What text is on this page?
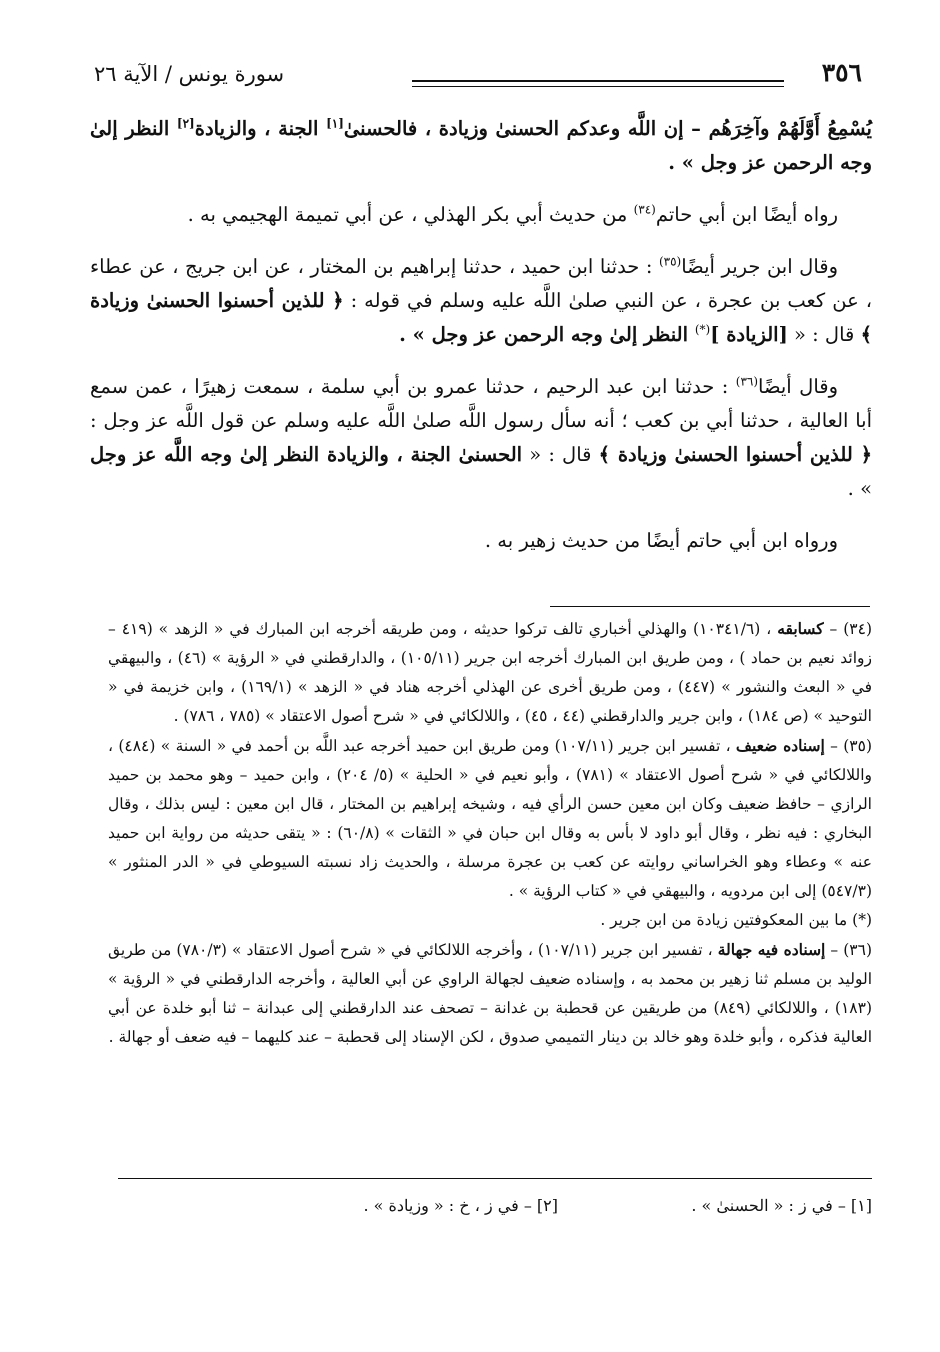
٣٥٦
سورة يونس / الآية ٢٦

يُسْمِعُ أَوَّلَهُمْ وآخِرَهُم – إن اللَّه وعدكم الحسنىٰ وزيادة ، فالحسنىٰ[١] الجنة ، والزيادة[٢] النظر إلىٰ وجه الرحمن عز وجل » .

رواه أيضًا ابن أبي حاتم$^{(٣٤)}$ من حديث أبي بكر الهذلي ، عن أبي تميمة الهجيمي به .

وقال ابن جرير أيضًا$^{(٣٥)}$ : حدثنا ابن حميد ، حدثنا إبراهيم بن المختار ، عن ابن جريج ، عن عطاء ، عن كعب بن عجرة ، عن النبي صلىٰ اللَّه عليه وسلم في قوله : ﴿ للذين أحسنوا الحسنىٰ وزيادة ﴾ قال : « [الزيادة ](*) النظر إلىٰ وجه الرحمن عز وجل » .

وقال أيضًا$^{(٣٦)}$ : حدثنا ابن عبد الرحيم ، حدثنا عمرو بن أبي سلمة ، سمعت زهيرًا ، عمن سمع أبا العالية ، حدثنا أبي بن كعب ؛ أنه سأل رسول اللَّه صلىٰ اللَّه عليه وسلم عن قول اللَّه عز وجل : ﴿ للذين أحسنوا الحسنىٰ وزيادة ﴾ قال : « الحسنىٰ الجنة ، والزيادة النظر إلىٰ وجه اللَّه عز وجل » .

ورواه ابن أبي حاتم أيضًا من حديث زهير به .

(٣٤) – كسابقه ، (١٠٣٤١/٦) والهذلي أخباري تالف تركوا حديثه ، ومن طريقه أخرجه ابن المبارك في « الزهد » (٤١٩ – زوائد نعيم بن حماد ) ، ومن طريق ابن المبارك أخرجه ابن جرير (١٠٥/١١) ، والدارقطني في « الرؤية » (٤٦) ، والبيهقي في « البعث والنشور » (٤٤٧) ، ومن طريق أخرى عن الهذلي أخرجه هناد في « الزهد » (١٦٩/١) ، وابن خزيمة في « التوحيد » (ص ١٨٤) ، وابن جرير والدارقطني (٤٤ ، ٤٥) ، واللالكائي في « شرح أصول الاعتقاد » (٧٨٥ ، ٧٨٦) .

(٣٥) – إسناده ضعيف ، تفسير ابن جرير (١٠٧/١١) ومن طريق ابن حميد أخرجه عبد اللَّه بن أحمد في « السنة » (٤٨٤) ، واللالكائي في « شرح أصول الاعتقاد » (٧٨١) ، وأبو نعيم في « الحلية » (٥/ ٢٠٤) ، وابن حميد – وهو محمد بن حميد الرازي – حافظ ضعيف وكان ابن معين حسن الرأي فيه ، وشيخه إبراهيم بن المختار ، قال ابن معين : ليس بذلك ، وقال البخاري : فيه نظر ، وقال أبو داود لا بأس به وقال ابن حبان في « الثقات » (٦٠/٨) : « يتقى حديثه من رواية ابن حميد عنه » وعطاء وهو الخراساني روايته عن كعب بن عجرة مرسلة ، والحديث زاد نسبته السيوطي في « الدر المنثور » (٥٤٧/٣) إلى ابن مردويه ، والبيهقي في « كتاب الرؤية » .

(*) ما بين المعكوفتين زيادة من ابن جرير .

(٣٦) – إسناده فيه جهالة ، تفسير ابن جرير (١٠٧/١١) ، وأخرجه اللالكائي في « شرح أصول الاعتقاد » (٧٨٠/٣) من طريق الوليد بن مسلم ثنا زهير بن محمد به ، وإسناده ضعيف لجهالة الراوي عن أبي العالية ، وأخرجه الدارقطني في « الرؤية » (١٨٣) ، واللالكائي (٨٤٩) من طريقين عن قحطبة بن غدانة – تصحف عند الدارقطني إلى عبدانة – ثنا أبو خلدة عن أبي العالية فذكره ، وأبو خلدة وهو خالد بن دينار التميمي صدوق ، لكن الإسناد إلى قحطبة – عند كليهما – فيه ضعف أو جهالة .

[١] – في ز : « الحسنىٰ » .
[٢] – في ز ، خ : « وزيادة » .
